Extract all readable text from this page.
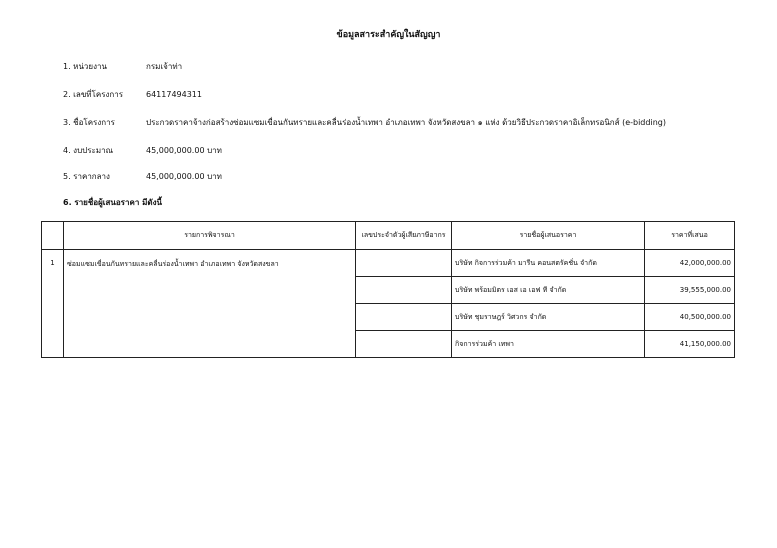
ข้อมูลสาระสำคัญในสัญญา
1. หน่วยงาน	กรมเจ้าท่า
2. เลขที่โครงการ	64117494311
3. ชื่อโครงการ	ประกวดราคาจ้างก่อสร้างซ่อมแซมเขื่อนกันทรายและคลื่นร่องน้ำเทพา อำเภอเทพา จังหวัดสงขลา ๑ แห่ง ด้วยวิธีประกวดราคาอิเล็กทรอนิกส์ (e-bidding)
4. งบประมาณ	45,000,000.00 บาท
5. ราคากลาง	45,000,000.00 บาท
6. รายชื่อผู้เสนอราคา มีดังนี้
	รายการพิจารณา	เลขประจำตัวผู้เสียภาษีอากร	รายชื่อผู้เสนอราคา	ราคาที่เสนอ
1	ซ่อมแซมเขื่อนกันทรายและคลื่นร่องน้ำเทพา อำเภอเทพา จังหวัดสงขลา		บริษัท กิจการร่วมค้า มารีน คอนสตรัคชั่น จำกัด	42,000,000.00
			บริษัท พร้อมมิตร เอส เอ เอฟ ที จำกัด	39,555,000.00
			บริษัท ชุมราษฎร์ วิศวกร จำกัด	40,500,000.00
			กิจการร่วมค้า เทพา	41,150,000.00
